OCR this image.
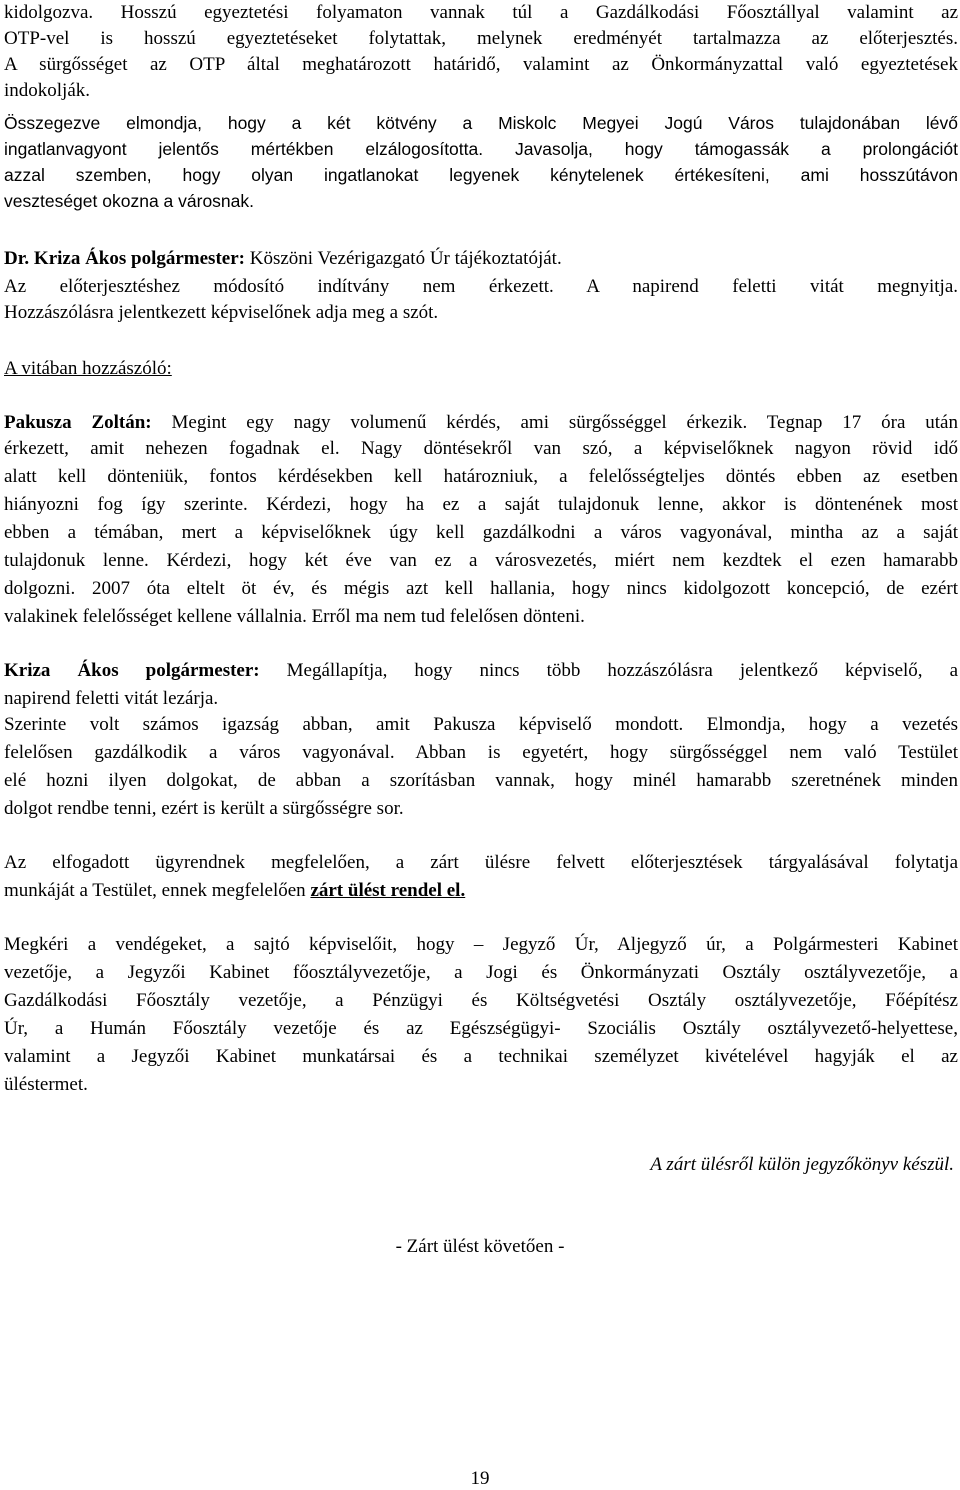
kidolgozva. Hosszú egyeztetési folyamaton vannak túl a Gazdálkodási Főosztállyal valamint az
OTP-vel is hosszú egyeztetéseket folytattak, melynek eredményét tartalmazza az előterjesztés.
A sürgősséget az OTP által meghatározott határidő, valamint az Önkormányzattal való egyeztetések
indokolják.
Összegezve elmondja, hogy a két kötvény a Miskolc Megyei Jogú Város tulajdonában lévő
ingatlanvagyont jelentős mértékben elzálogosította. Javasolja, hogy támogassák a prolongációt
azzal szemben, hogy olyan ingatlanokat legyenek kénytelenek értékesíteni, ami hosszútávon
veszteséget okozna a városnak.
Dr. Kriza Ákos polgármester: Köszöni Vezérigazgató Úr tájékoztatóját.
Az előterjesztéshez módosító indítvány nem érkezett. A napirend feletti vitát megnyitja.
Hozzászólásra jelentkezett képviselőnek adja meg a szót.
A vitában hozzászóló:
Pakusza Zoltán: Megint egy nagy volumenű kérdés, ami sürgősséggel érkezik. Tegnap 17 óra után
érkezett, amit nehezen fogadnak el. Nagy döntésekről van szó, a képviselőknek nagyon rövid idő
alatt kell dönteniük, fontos kérdésekben kell határozniuk, a felelősségteljes döntés ebben az esetben
hiányozni fog így szerinte. Kérdezi, hogy ha ez a saját tulajdonuk lenne, akkor is döntenének most
ebben a témában, mert a képviselőknek úgy kell gazdálkodni a város vagyonával, mintha az a saját
tulajdonuk lenne. Kérdezi, hogy két éve van ez a városvezetés, miért nem kezdtek el ezen hamarabb
dolgozni. 2007 óta eltelt öt év, és mégis azt kell hallania, hogy nincs kidolgozott koncepció, de ezért
valakinek felelősséget kellene vállalnia. Erről ma nem tud felelősen dönteni.
Kriza Ákos polgármester: Megállapítja, hogy nincs több hozzászólásra jelentkező képviselő, a
napirend feletti vitát lezárja.
Szerinte volt számos igazság abban, amit Pakusza képviselő mondott. Elmondja, hogy a vezetés
felelősen gazdálkodik a város vagyonával. Abban is egyetért, hogy sürgősséggel nem való Testület
elé hozni ilyen dolgokat, de abban a szorításban vannak, hogy minél hamarabb szeretnének minden
dolgot rendbe tenni, ezért is került a sürgősségre sor.
Az elfogadott ügyrendnek megfelelően, a zárt ülésre felvett előterjesztések tárgyalásával folytatja
munkáját a Testület, ennek megfelelően zárt ülést rendel el.
Megkéri a vendégeket, a sajtó képviselőit, hogy – Jegyző Úr, Aljegyző úr, a Polgármesteri Kabinet
vezetője, a Jegyzői Kabinet főosztályvezetője, a Jogi és Önkormányzati Osztály osztályvezetője, a
Gazdálkodási Főosztály vezetője, a Pénzügyi és Költségvetési Osztály osztályvezetője, Főépítész
Úr, a Humán Főosztály vezetője és az Egészségügyi- Szociális Osztály osztályvezető-helyettese,
valamint a Jegyzői Kabinet munkatársai és a technikai személyzet kivételével hagyják el az
üléstermet.
A zárt ülésről külön jegyzőkönyv készül.
- Zárt ülést követően -
19
